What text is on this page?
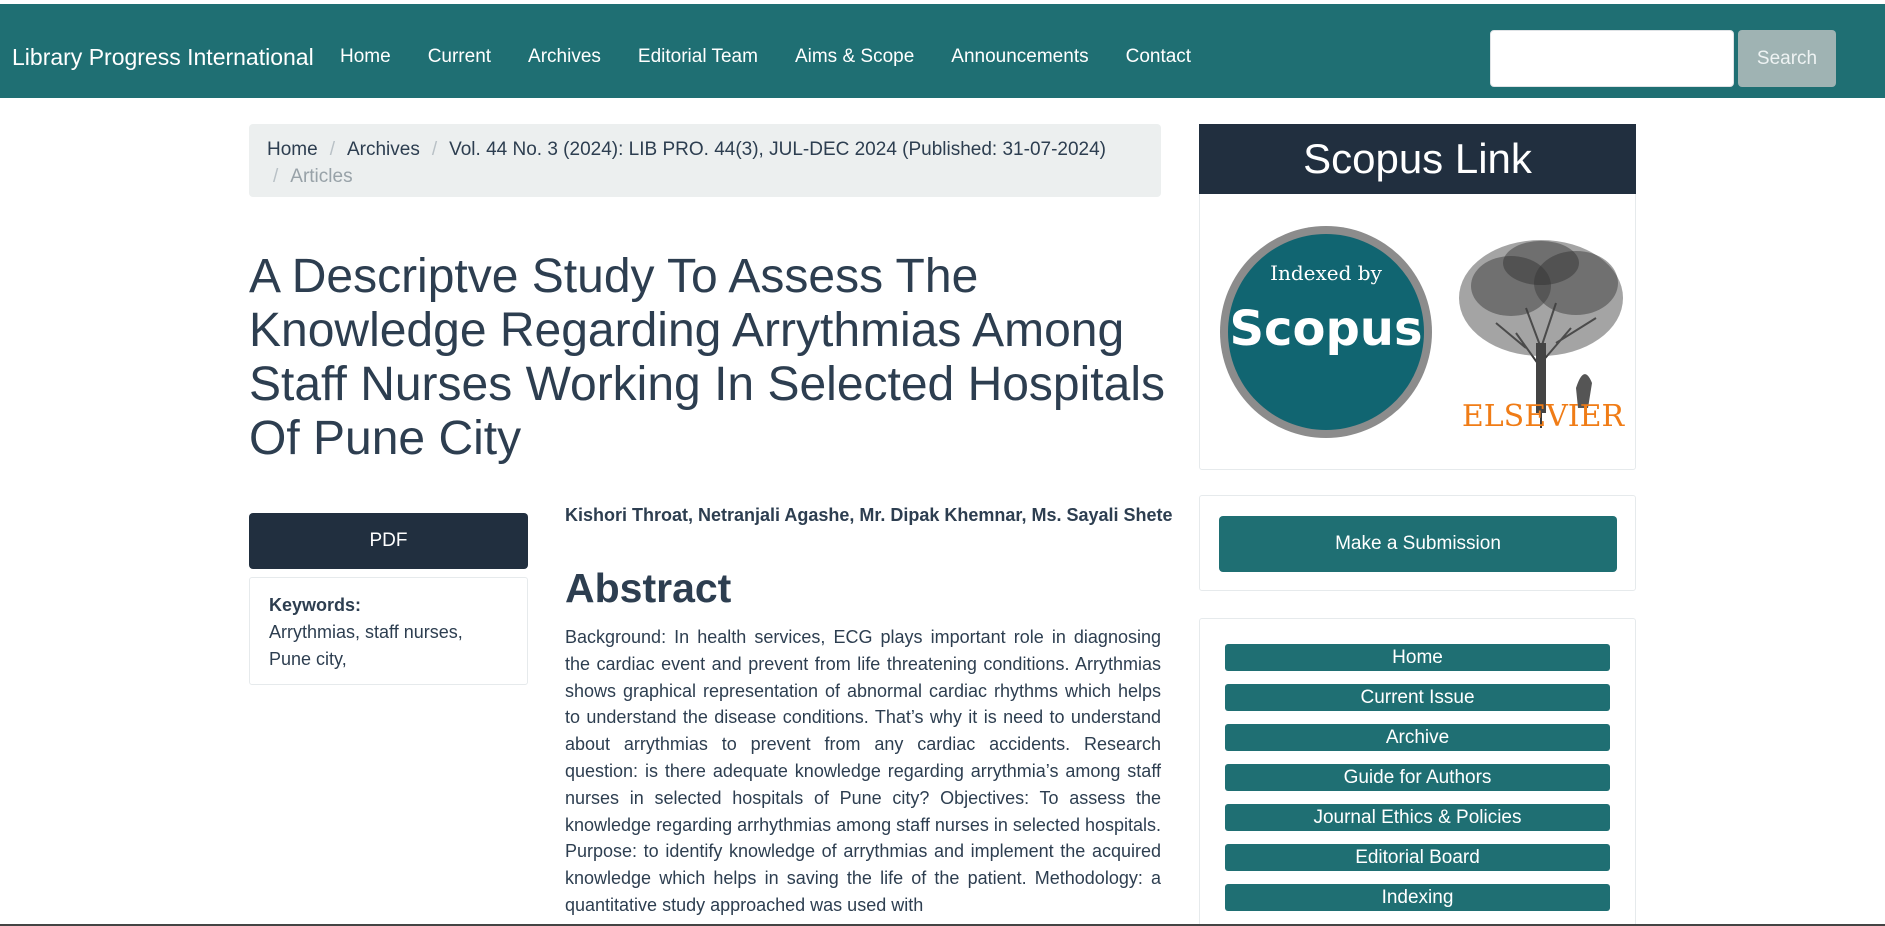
Library Progress International Home Current Archives Editorial Team Aims & Scope Announcements Contact	Search
Home / Archives / Vol. 44 No. 3 (2024): LIB PRO. 44(3), JUL-DEC 2024 (Published: 31-07-2024)
/ Articles
A Descriptve Study To Assess The Knowledge Regarding Arrythmias Among Staff Nurses Working In Selected Hospitals Of Pune City
PDF
Keywords:
Arrythmias, staff nurses, Pune city,
Kishori Throat, Netranjali Agashe, Mr. Dipak Khemnar, Ms. Sayali Shete
Abstract
Background: In health services, ECG plays important role in diagnosing the cardiac event and prevent from life threatening conditions. Arrythmias shows graphical representation of abnormal cardiac rhythms which helps to understand the disease conditions. That’s why it is need to understand about arrythmias to prevent from any cardiac accidents. Research question: is there adequate knowledge regarding arrythmia’s among staff nurses in selected hospitals of Pune city? Objectives: To assess the knowledge regarding arrhythmias among staff nurses in selected hospitals. Purpose: to identify knowledge of arrythmias and implement the acquired knowledge which helps in saving the life of the patient. Methodology: a quantitative study approached was used with
Scopus Link
Indexed by
Scopus
ELSEVIER
Make a Submission
Home
Current Issue
Archive
Guide for Authors
Journal Ethics & Policies
Editorial Board
Indexing
